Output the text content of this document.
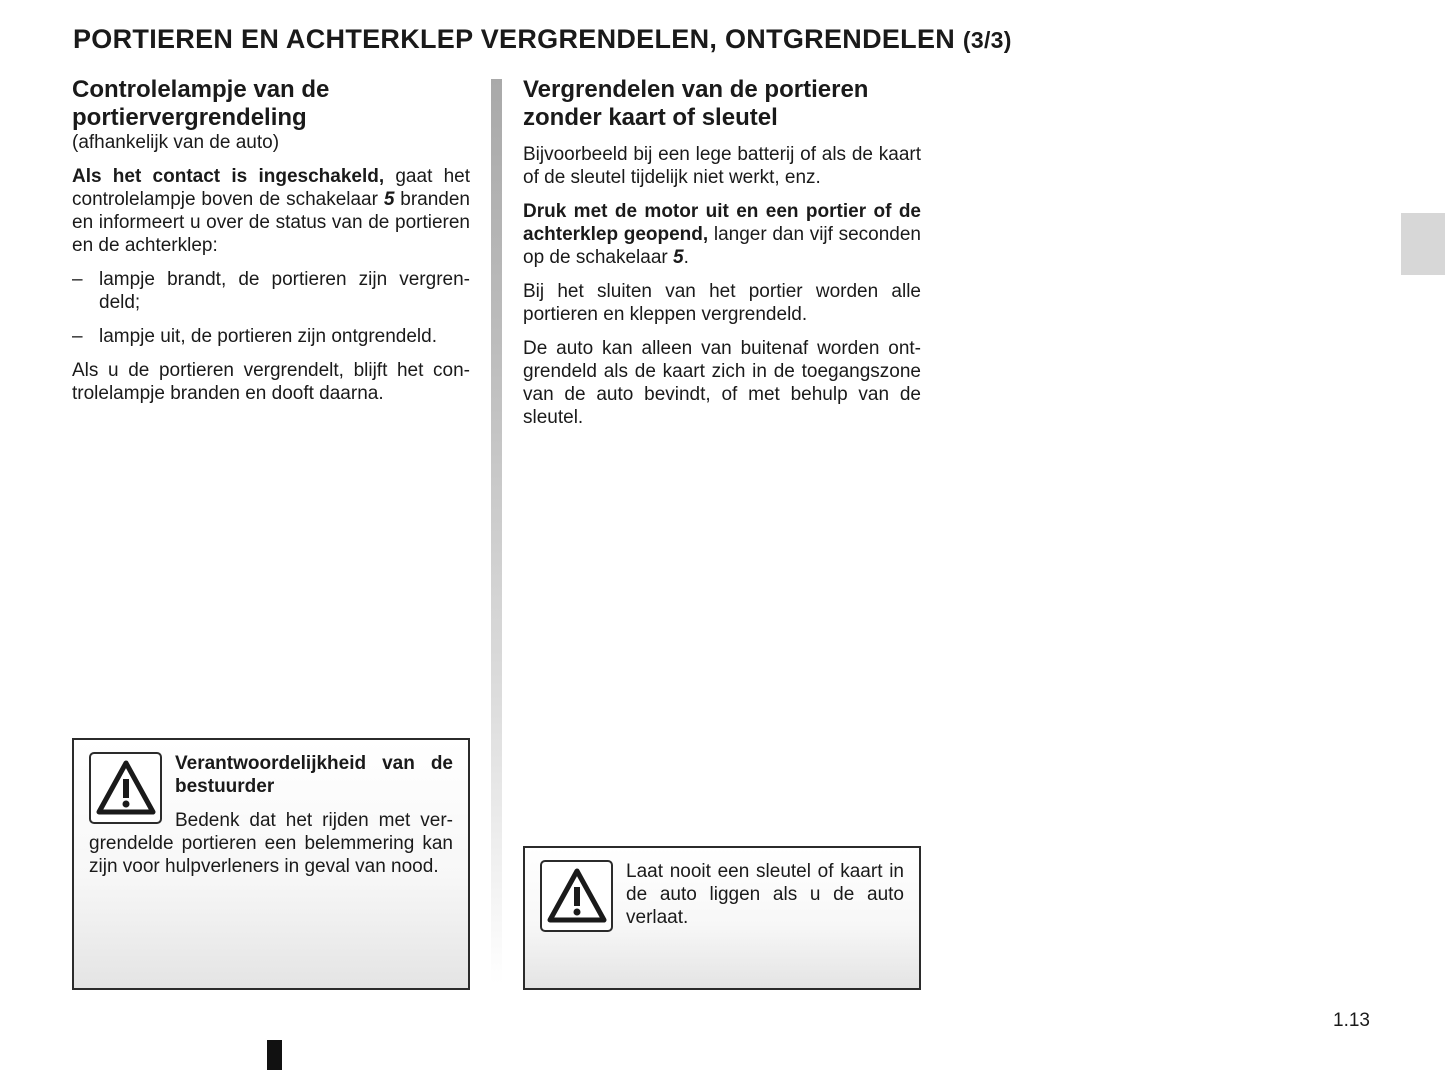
PORTIEREN EN ACHTERKLEP VERGRENDELEN, ONTGRENDELEN (3/3)
Controlelampje van de portiervergrendeling
(afhankelijk van de auto)

Als het contact is ingeschakeld, gaat het controlelampje boven de schakelaar 5 branden en informeert u over de status van de portieren en de achterklep:

– lampje brandt, de portieren zijn vergrendeld;
– lampje uit, de portieren zijn ontgrendeld.

Als u de portieren vergrendelt, blijft het controlelampje branden en dooft daarna.

Vergrendelen van de portieren zonder kaart of sleutel

Bijvoorbeeld bij een lege batterij of als de kaart of de sleutel tijdelijk niet werkt, enz.

Druk met de motor uit en een portier of de achterklep geopend, langer dan vijf seconden op de schakelaar 5.

Bij het sluiten van het portier worden alle portieren en kleppen vergrendeld.

De auto kan alleen van buitenaf worden ontgrendeld als de kaart zich in de toegangszone van de auto bevindt, of met behulp van de sleutel.

Verantwoordelijkheid van de bestuurder

Bedenk dat het rijden met vergrendelde portieren een belemmering kan zijn voor hulpverleners in geval van nood.	Laat nooit een sleutel of kaart in de auto liggen als u de auto verlaat.

1.13
